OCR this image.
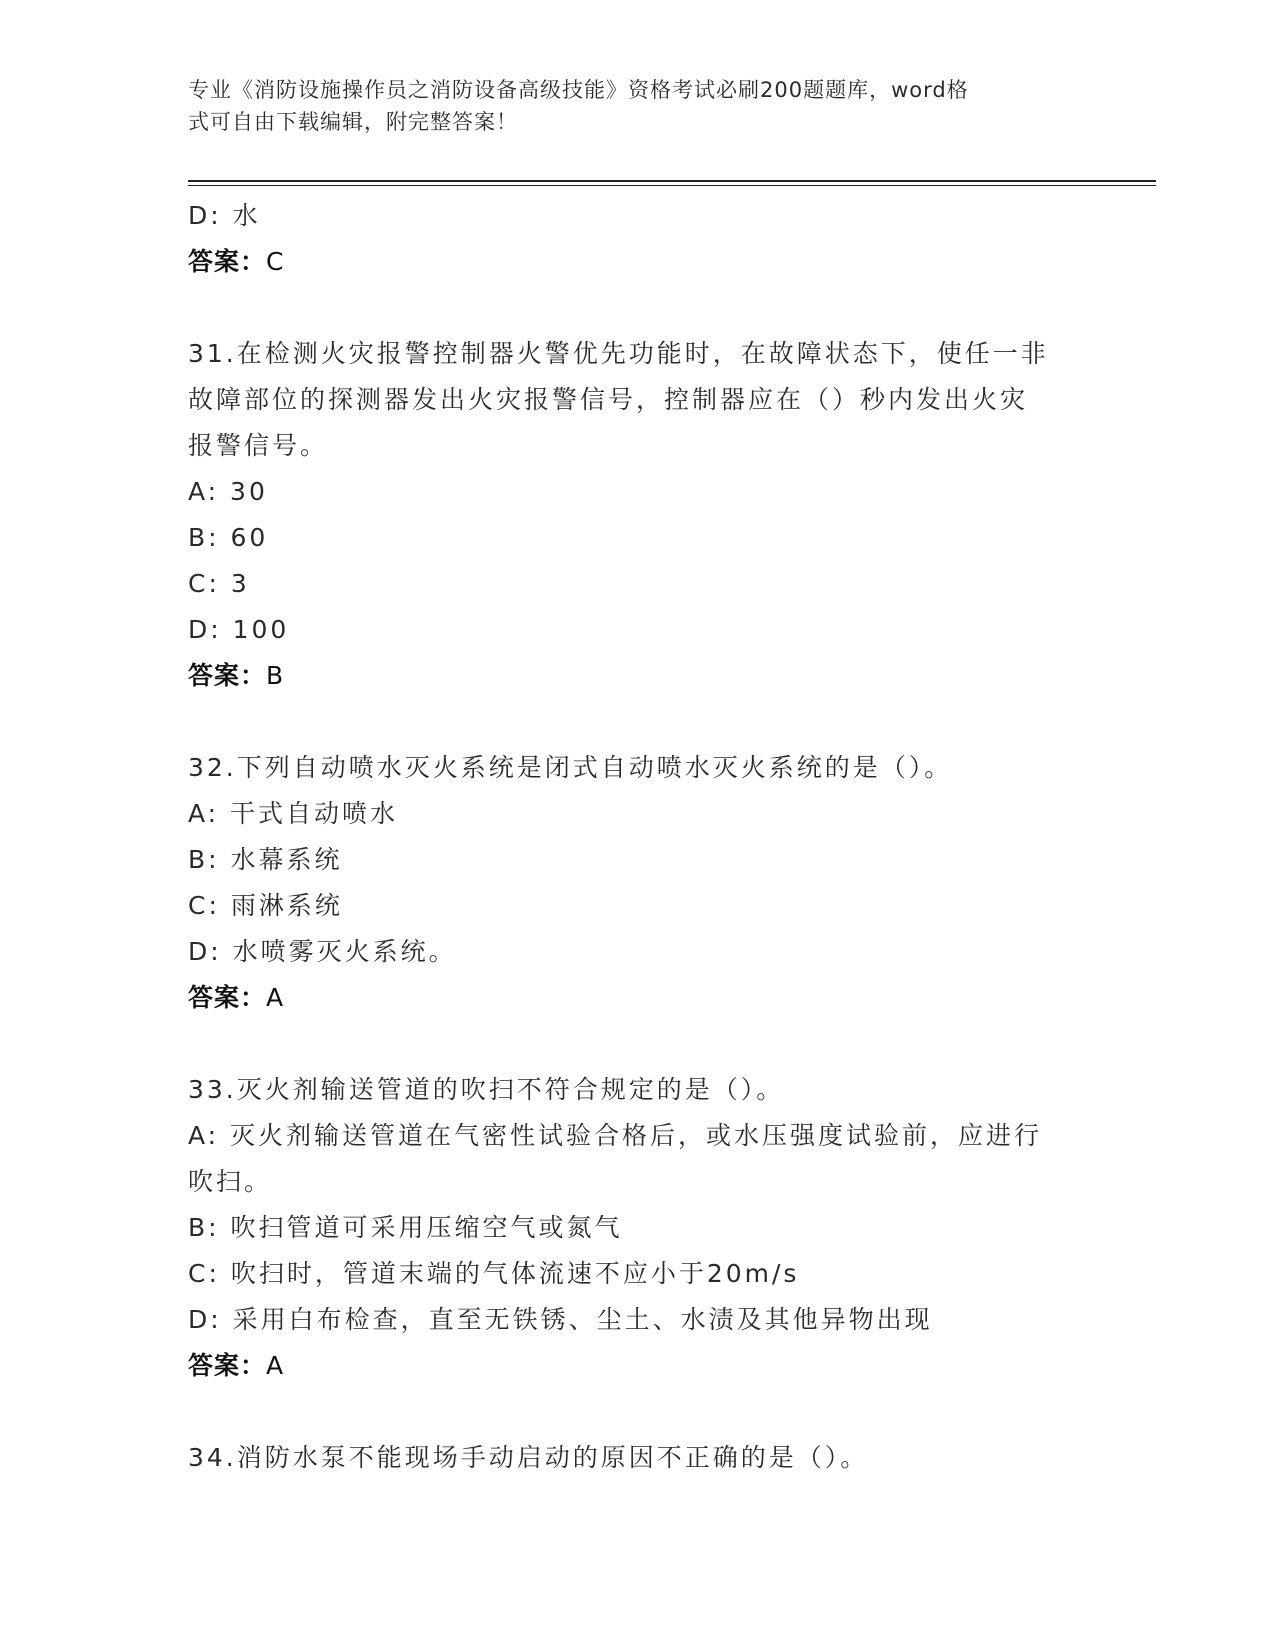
专业《消防设施操作员之消防设备高级技能》资格考试必刷200题题库，word格
式可自由下载编辑，附完整答案！
D: 水
答案：C
31.在检测火灾报警控制器火警优先功能时，在故障状态下，使任一非
故障部位的探测器发出火灾报警信号，控制器应在（）秒内发出火灾
报警信号。
A: 30
B: 60
C: 3
D: 100
答案：B
32.下列自动喷水灭火系统是闭式自动喷水灭火系统的是（）。
A: 干式自动喷水
B: 水幕系统
C: 雨淋系统
D: 水喷雾灭火系统。
答案：A
33.灭火剂输送管道的吹扫不符合规定的是（）。
A: 灭火剂输送管道在气密性试验合格后，或水压强度试验前，应进行
吹扫。
B: 吹扫管道可采用压缩空气或氮气
C: 吹扫时，管道末端的气体流速不应小于20m/s
D: 采用白布检查，直至无铁锈、尘土、水渍及其他异物出现
答案：A
34.消防水泵不能现场手动启动的原因不正确的是（）。
